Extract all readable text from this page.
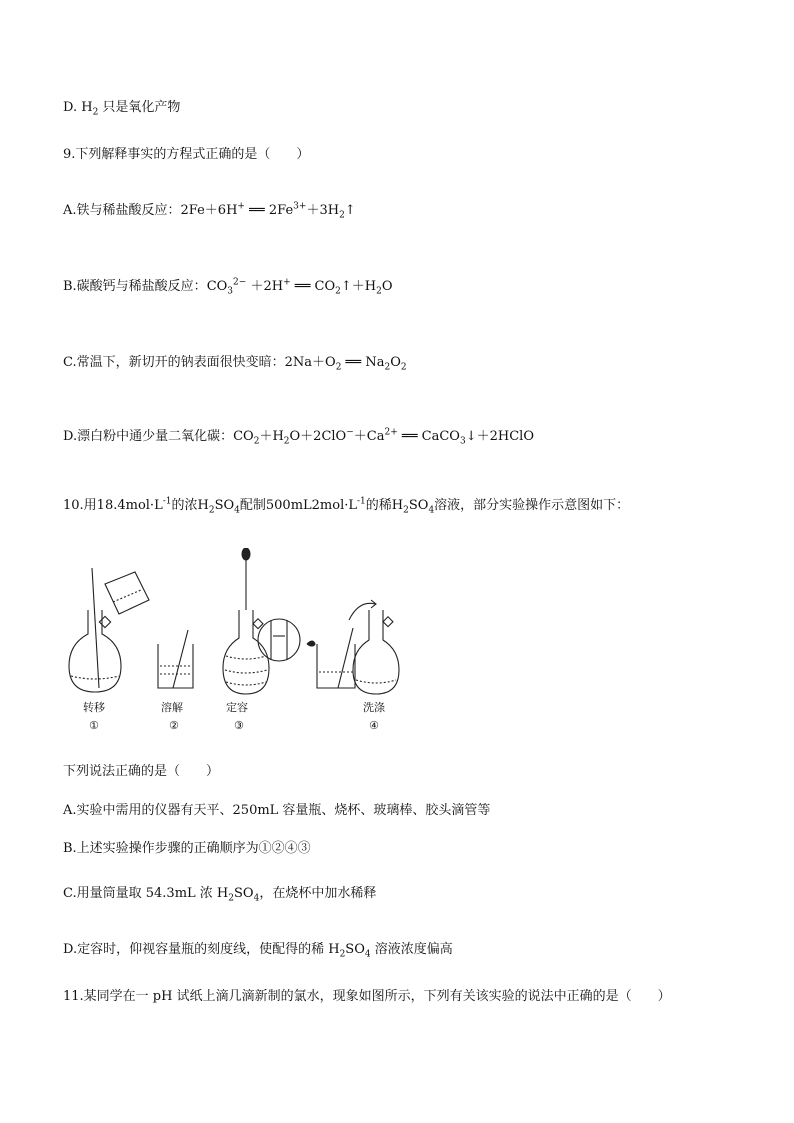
D. $H_2$ 只是氧化产物
9.下列解释事实的方程式正确的是（　　）
A.铁与稀盐酸反应：2Fe＋6H+ ══ $2Fe^{3+}+3H_2↑$
B.碳酸钙与稀盐酸反应：$CO_3^{2-} +2H^+$ ══ $CO_2↑+H_2O$
C.常温下，新切开的钠表面很快变暗：$2Na+O_2$ ══ $Na_2O_2$
D.漂白粉中通少量二氧化碳：$CO_2+H_2O+2ClO^-+Ca^{2+}$ ══ CaCO$_3$↓＋2HClO
10.用$18.4mol\cdot L^{-1}$的浓$H_2SO_4$配制$500mL2mol\cdot L^{-1}$的稀$H_2SO_4$溶液，部分实验操作示意图如下：
转移
①
溶解
②
定容
③
洗涤
④
下列说法正确的是（　　）
A.实验中需用的仪器有天平、250mL 容量瓶、烧杯、玻璃棒、胶头滴管等
B.上述实验操作步骤的正确顺序为①②④③
C.用量筒量取 54.3mL 浓 $H_2SO_4$，在烧杯中加水稀释
D.定容时，仰视容量瓶的刻度线，使配得的稀 $H_2SO_4$ 溶液浓度偏高
11.某同学在一 pH 试纸上滴几滴新制的氯水，现象如图所示，下列有关该实验的说法中正确的是（　　）
